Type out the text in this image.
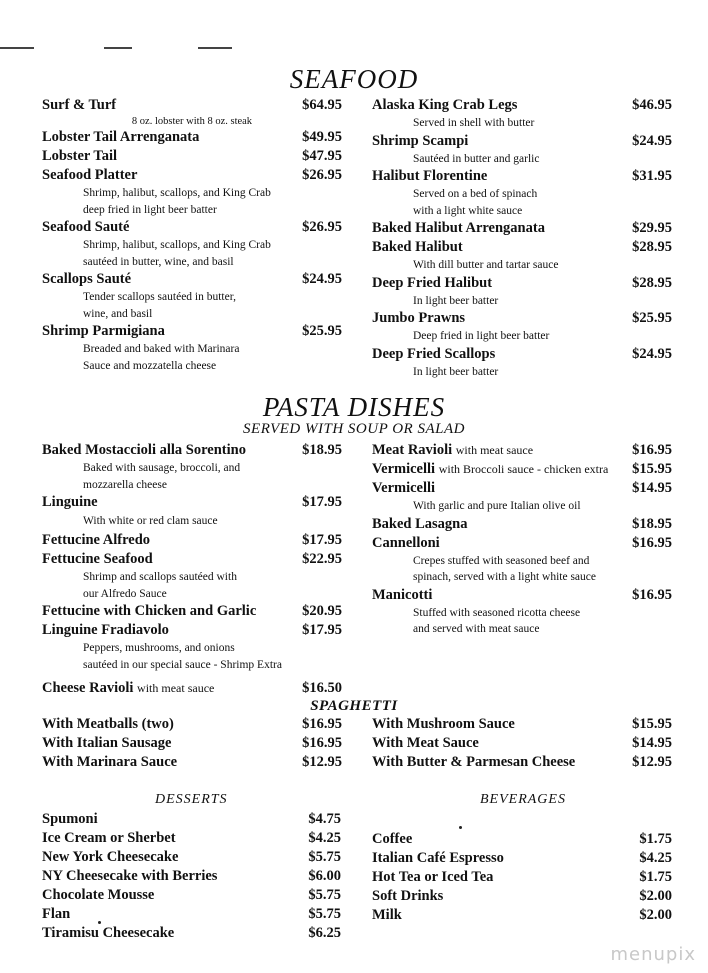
SEAFOOD
Surf & Turf	$64.95
8 oz. lobster with 8 oz. steak
Lobster Tail Arrenganata	$49.95
Lobster Tail	$47.95
Seafood Platter	$26.95
Shrimp, halibut, scallops, and King Crab
deep fried in light beer batter
Seafood Sauté	$26.95
Shrimp, halibut, scallops, and King Crab
sautéed in butter, wine, and basil
Scallops Sauté	$24.95
Tender scallops sautéed in butter,
wine, and basil
Shrimp Parmigiana	$25.95
Breaded and baked with Marinara
Sauce and mozzatella cheese
Alaska King Crab Legs	$46.95
Served in shell with butter
Shrimp Scampi	$24.95
Sautéed in butter and garlic
Halibut Florentine	$31.95
Served on a bed of spinach
with a light white sauce
Baked Halibut Arrenganata	$29.95
Baked Halibut	$28.95
With dill butter and tartar sauce
Deep Fried Halibut	$28.95
In light beer batter
Jumbo Prawns	$25.95
Deep fried in light beer batter
Deep Fried Scallops	$24.95
In light beer batter
PASTA DISHES
SERVED WITH SOUP OR SALAD
Baked Mostaccioli alla Sorentino	$18.95
Baked with sausage, broccoli, and
mozzarella cheese
Linguine	$17.95
With white or red clam sauce
Fettucine Alfredo	$17.95
Fettucine Seafood	$22.95
Shrimp and scallops sautéed with
our Alfredo Sauce
Fettucine with Chicken and Garlic	$20.95
Linguine Fradiavolo	$17.95
Peppers, mushrooms, and onions
sautéed in our special sauce - Shrimp Extra
Cheese Ravioli with meat sauce	$16.50
Meat Ravioli with meat sauce	$16.95
Vermicelli with Broccoli sauce - chicken extra	$15.95
Vermicelli	$14.95
With garlic and pure Italian olive oil
Baked Lasagna	$18.95
Cannelloni	$16.95
Crepes stuffed with seasoned beef and
spinach, served with a light white sauce
Manicotti	$16.95
Stuffed with seasoned ricotta cheese
and served with meat sauce
SPAGHETTI
With Meatballs (two)	$16.95
With Italian Sausage	$16.95
With Marinara Sauce	$12.95
With Mushroom Sauce	$15.95
With Meat Sauce	$14.95
With Butter & Parmesan Cheese	$12.95
DESSERTS
Spumoni	$4.75
Ice Cream or Sherbet	$4.25
New York Cheesecake	$5.75
NY Cheesecake with Berries	$6.00
Chocolate Mousse	$5.75
Flan	$5.75
Tiramisu Cheesecake	$6.25
BEVERAGES
Coffee	$1.75
Italian Café Espresso	$4.25
Hot Tea or Iced Tea	$1.75
Soft Drinks	$2.00
Milk	$2.00
menupix
